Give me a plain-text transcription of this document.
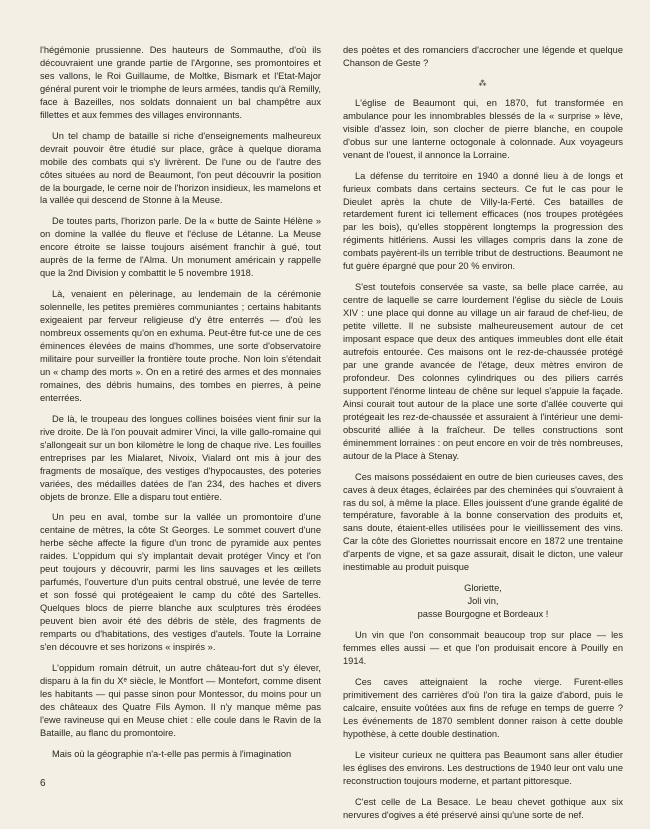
l'hégémonie prussienne. Des hauteurs de Sommauthe, d'où ils découvraient une grande partie de l'Argonne, ses promontoires et ses vallons, le Roi Guillaume, de Moltke, Bismark et l'Etat-Major général purent voir le triomphe de leurs armées, tandis qu'à Remilly, face à Bazeilles, nos soldats donnaient un bal champêtre aux fillettes et aux femmes des villages environnants.

Un tel champ de bataille si riche d'enseignements malheureux devrait pouvoir être étudié sur place, grâce à quelque diorama mobile des combats qui s'y livrèrent. De l'une ou de l'autre des côtes situées au nord de Beaumont, l'on peut découvrir la position de la bourgade, le cerne noir de l'horizon insidieux, les mamelons et la vallée qui descend de Stonne à la Meuse.

De toutes parts, l'horizon parle. De la « butte de Sainte Hélène » on domine la vallée du fleuve et l'écluse de Létanne. La Meuse encore étroite se laisse toujours aisément franchir à gué, tout auprès de la ferme de l'Alma. Un monument américain y rappelle que la 2nd Division y combattit le 5 novembre 1918.

Là, venaient en pèlerinage, au lendemain de la cérémonie solennelle, les petites premières communiantes ; certains habitants exigeaient par ferveur religieuse d'y être enterrés — d'où les nombreux ossements qu'on en exhuma. Peut-être fut-ce une de ces éminences élevées de mains d'hommes, une sorte d'observatoire militaire pour surveiller la frontière toute proche. Non loin s'étendait un « champ des morts ». On en a retiré des armes et des monnaies romaines, des débris humains, des tombes en pierres, à peine enterrées.

De là, le troupeau des longues collines boisées vient finir sur la rive droite. De là l'on pouvait admirer Vinci, la ville gallo-romaine qui s'allongeait sur un bon kilomètre le long de chaque rive. Les fouilles entreprises par les Mialaret, Nivoix, Vialard ont mis à jour des fragments de mosaïque, des vestiges d'hypocaustes, des poteries variées, des médailles datées de l'an 234, des haches et divers objets de bronze. Elle a disparu tout entière.

Un peu en aval, tombe sur la vallée un promontoire d'une centaine de mètres, la côte St Georges. Le sommet couvert d'une herbe sèche affecte la figure d'un tronc de pyramide aux pentes raides. L'oppidum qui s'y implantait devait protéger Vincy et l'on peut toujours y découvrir, parmi les lins sauvages et les œillets parfumés, l'ouverture d'un puits central obstrué, une levée de terre et son fossé qui protégeaient le camp du côté des Sartelles. Quelques blocs de pierre blanche aux sculptures très érodées peuvent bien avoir été des débris de stèle, des fragments de remparts ou d'habitations, des vestiges d'autels. Toute la Lorraine s'en découvre et ses horizons « inspirés ».

L'oppidum romain détruit, un autre château-fort dut s'y élever, disparu à la fin du Xᵉ siècle, le Montfort — Montefort, comme disent les habitants — qui passe sinon pour Montessor, du moins pour un des châteaux des Quatre Fils Aymon. Il n'y manque même pas l'ewe ravineuse qui en Meuse chiet : elle coule dans le Ravin de la Bataille, au flanc du promontoire.

Mais où la géographie n'a-t-elle pas permis à l'imagination

des poètes et des romanciers d'accrocher une légende et quelque Chanson de Geste ?

⁂

L'église de Beaumont qui, en 1870, fut transformée en ambulance pour les innombrables blessés de la « surprise » lève, visible d'assez loin, son clocher de pierre blanche, en coupole d'obus sur une lanterne octogonale à colonnade. Aux voyageurs venant de l'ouest, il annonce la Lorraine.

La défense du territoire en 1940 a donné lieu à de longs et furieux combats dans certains secteurs. Ce fut le cas pour le Dieulet après la chute de Villy-la-Ferté. Ces batailles de retardement furent ici tellement efficaces (nos troupes protégées par les bois), qu'elles stoppèrent longtemps la progression des régiments hitlériens. Aussi les villages compris dans la zone de combats payèrent-ils un terrible tribut de destructions. Beaumont ne fut guère épargné que pour 20 % environ.

S'est toutefois conservée sa vaste, sa belle place carrée, au centre de laquelle se carre lourdement l'église du siècle de Louis XIV : une place qui donne au village un air faraud de chef-lieu, de petite villette. Il ne subsiste malheureusement autour de cet imposant espace que deux des antiques immeubles dont elle était autrefois entourée. Ces maisons ont le rez-de-chaussée protégé par une grande avancée de l'étage, deux mètres environ de profondeur. Des colonnes cylindriques ou des piliers carrés supportent l'énorme linteau de chêne sur lequel s'appuie la façade. Ainsi courait tout autour de la place une sorte d'allée couverte qui protégeait les rez-de-chaussée et assuraient à l'intérieur une demi-obscurité alliée à la fraîcheur. De telles constructions sont éminemment lorraines : on peut encore en voir de très nombreuses, autour de la Place à Stenay.

Ces maisons possédaient en outre de bien curieuses caves, des caves à deux étages, éclairées par des cheminées qui s'ouvraient à ras du sol, à même la place. Elles jouissent d'une grande égalité de température, favorable à la bonne conservation des produits et, sans doute, étaient-elles utilisées pour le vieillissement des vins. Car la côte des Gloriettes nourrissait encore en 1872 une trentaine d'arpents de vigne, et sa gaze assurait, disait le dicton, une valeur inestimable au produit puisque

Gloriette,
Joli vin,
passe Bourgogne et Bordeaux !

Un vin que l'on consommait beaucoup trop sur place — les femmes elles aussi — et que l'on produisait encore à Pouilly en 1914.

Ces caves atteignaient la roche vierge. Furent-elles primitivement des carrières d'où l'on tira la gaize d'abord, puis le calcaire, ensuite voûtées aux fins de refuge en temps de guerre ? Les événements de 1870 semblent donner raison à cette double hypothèse, à cette double destination.

Le visiteur curieux ne quittera pas Beaumont sans aller étudier les églises des environs. Les destructions de 1940 leur ont valu une reconstruction toujours moderne, et partant pittoresque.

C'est celle de La Besace. Le beau chevet gothique aux six nervures d'ogives a été préservé ainsi qu'une sorte de nef.

6
